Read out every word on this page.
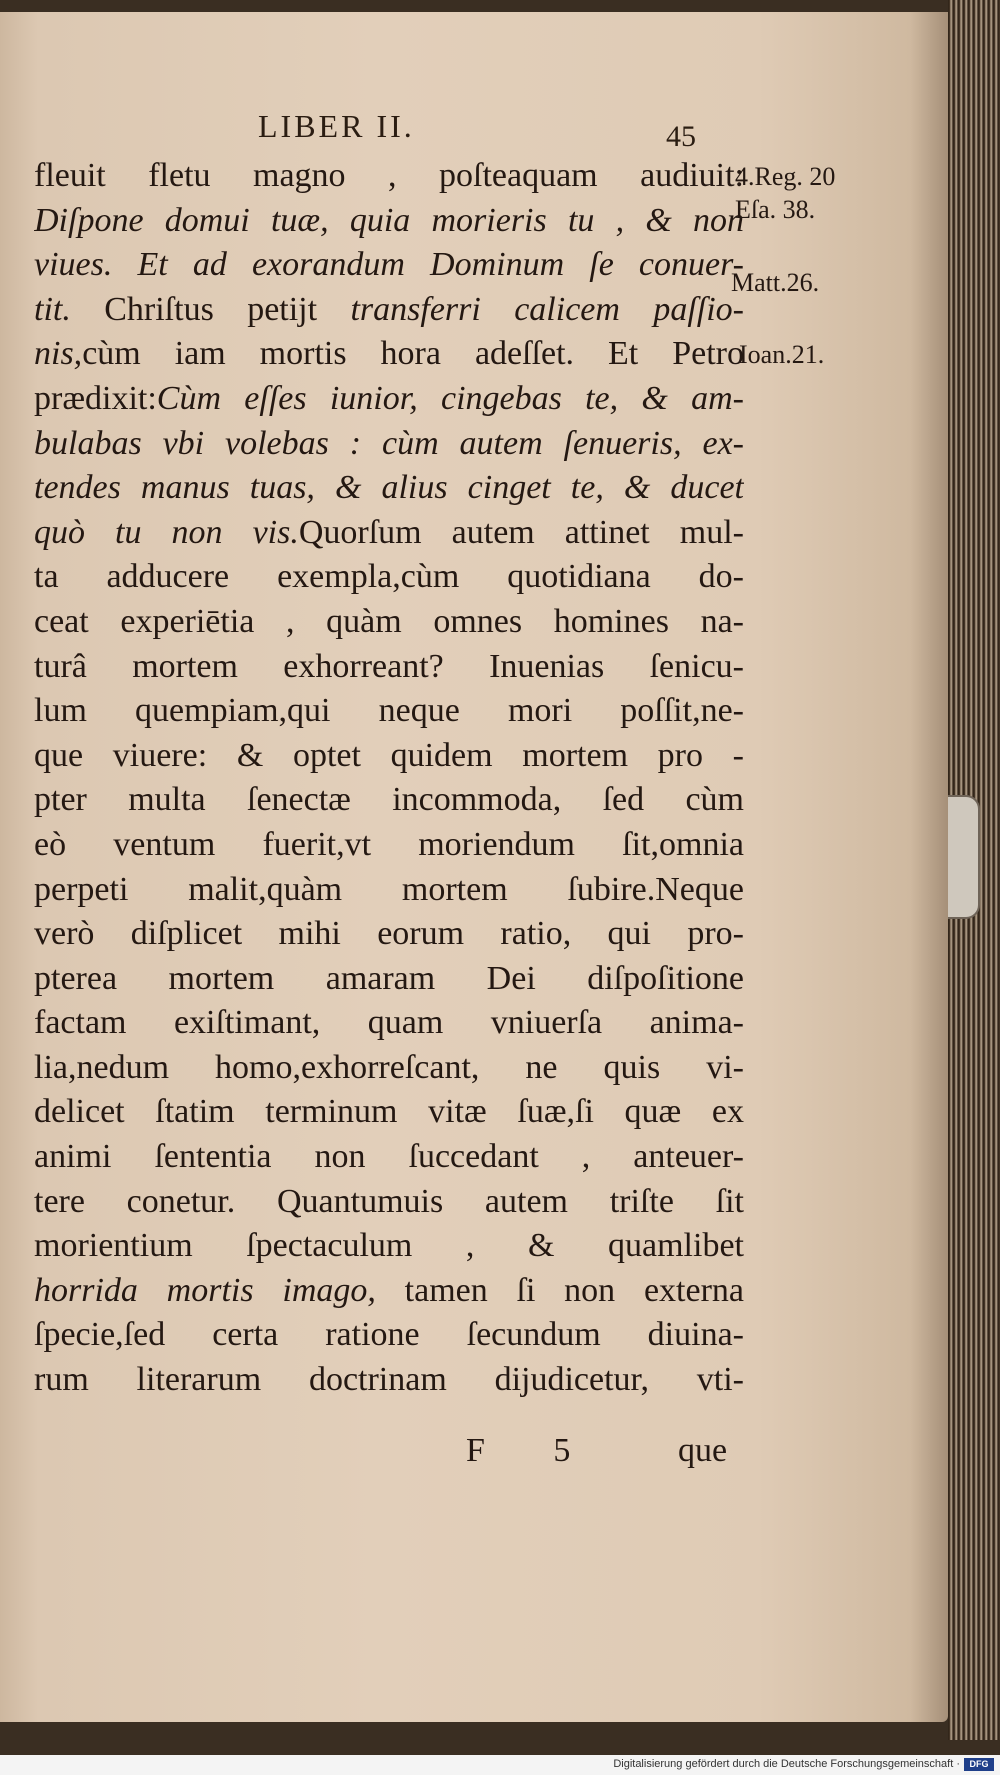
LIBER II.	45
fleuit fletu magno , poſteaquam audiuit:
Diſpone domui tuæ, quia morieris tu , & non
viues. Et ad exorandum Dominum ſe conuer-
tit. Chriſtus petijt transferri calicem paſſio-
nis,cùm iam mortis hora adeſſet. Et Petro
prædixit:Cùm eſſes iunior, cingebas te, & am-
bulabas vbi volebas : cùm autem ſenueris, ex-
tendes manus tuas, & alius cinget te, & ducet
quò tu non vis.Quorſum autem attinet mul-
ta adducere exempla,cùm quotidiana do-
ceat experiētia , quàm omnes homines na-
turâ mortem exhorreant? Inuenias ſenicu-
lum quempiam,qui neque mori poſſit,ne-
que viuere: & optet quidem mortem pro -
pter multa ſenectæ incommoda, ſed cùm
eò ventum fuerit,vt moriendum ſit,omnia
perpeti malit,quàm mortem ſubire.Neque
verò diſplicet mihi eorum ratio, qui pro-
pterea mortem amaram Dei diſpoſitione
factam exiſtimant, quam vniuerſa anima-
lia,nedum homo,exhorreſcant, ne quis vi-
delicet ſtatim terminum vitæ ſuæ,ſi quæ ex
animi ſententia non ſuccedant , anteuer-
tere conetur. Quantumuis autem triſte ſit
morientium ſpectaculum , & quamlibet
horrida mortis imago, tamen ſi non externa
ſpecie,ſed certa ratione ſecundum diuina-
rum literarum doctrinam dijudicetur, vti-
4.Reg. 20
Eſa. 38.
Matt.26.
Ioan.21.
F 5 que
Digitalisierung gefördert durch die Deutsche Forschungsgemeinschaft ·	DFG
